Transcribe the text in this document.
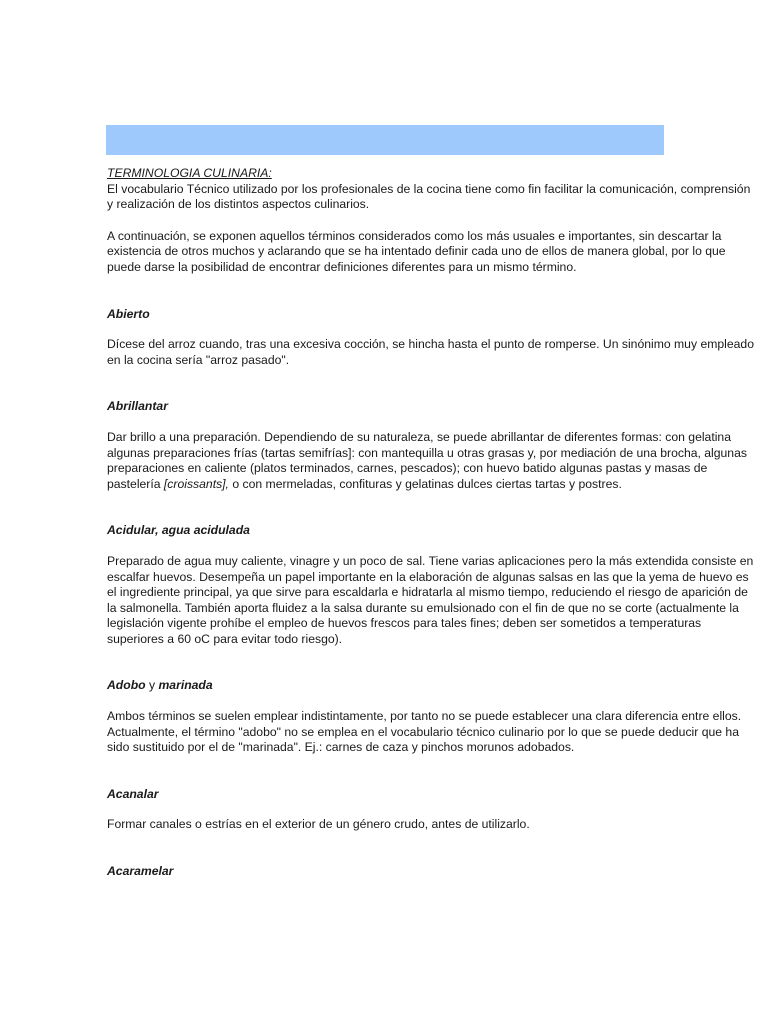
TERMINOLOGIA CULINARIA:

El vocabulario Técnico utilizado por los profesionales de la cocina tiene como fin facilitar la comunicación, comprensión y realización de los distintos aspectos culinarios.

A continuación, se exponen aquellos términos considerados como los más usuales e importantes, sin descartar la existencia de otros muchos y aclarando que se ha intentado definir cada uno de ellos de manera global, por lo que puede darse la posibilidad de encontrar definiciones diferentes para un mismo término.

Abierto

Dícese del arroz cuando, tras una excesiva cocción, se hincha hasta el punto de romperse. Un sinónimo muy empleado en la cocina sería "arroz pasado".

Abrillantar

Dar brillo a una preparación. Dependiendo de su naturaleza, se puede abrillantar de diferentes formas: con gelatina algunas preparaciones frías (tartas semifrías]: con mantequilla u otras grasas y, por mediación de una brocha, algunas preparaciones en caliente (platos terminados, carnes, pescados); con huevo batido algunas pastas y masas de pastelería [croissants], o con mermeladas, confituras y gelatinas dulces ciertas tartas y postres.

Acidular, agua acidulada

Preparado de agua muy caliente, vinagre y un poco de sal. Tiene varias aplicaciones pero la más extendida consiste en escalfar huevos. Desempeña un papel importante en la elaboración de algunas salsas en las que la yema de huevo es el ingrediente principal, ya que sirve para escaldarla e hidratarla al mismo tiempo, reduciendo el riesgo de aparición de la salmonella. También aporta fluidez a la salsa durante su emulsionado con el fin de que no se corte (actualmente la legislación vigente prohíbe el empleo de huevos frescos para tales fines; deben ser sometidos a temperaturas superiores a 60 oC para evitar todo riesgo).

Adobo y marinada

Ambos términos se suelen emplear indistintamente, por tanto no se puede establecer una clara diferencia entre ellos. Actualmente, el término "adobo" no se emplea en el vocabulario técnico culinario por lo que se puede deducir que ha sido sustituido por el de "marinada". Ej.: carnes de caza y pinchos morunos adobados.

Acanalar

Formar canales o estrías en el exterior de un género crudo, antes de utilizarlo.

Acaramelar
